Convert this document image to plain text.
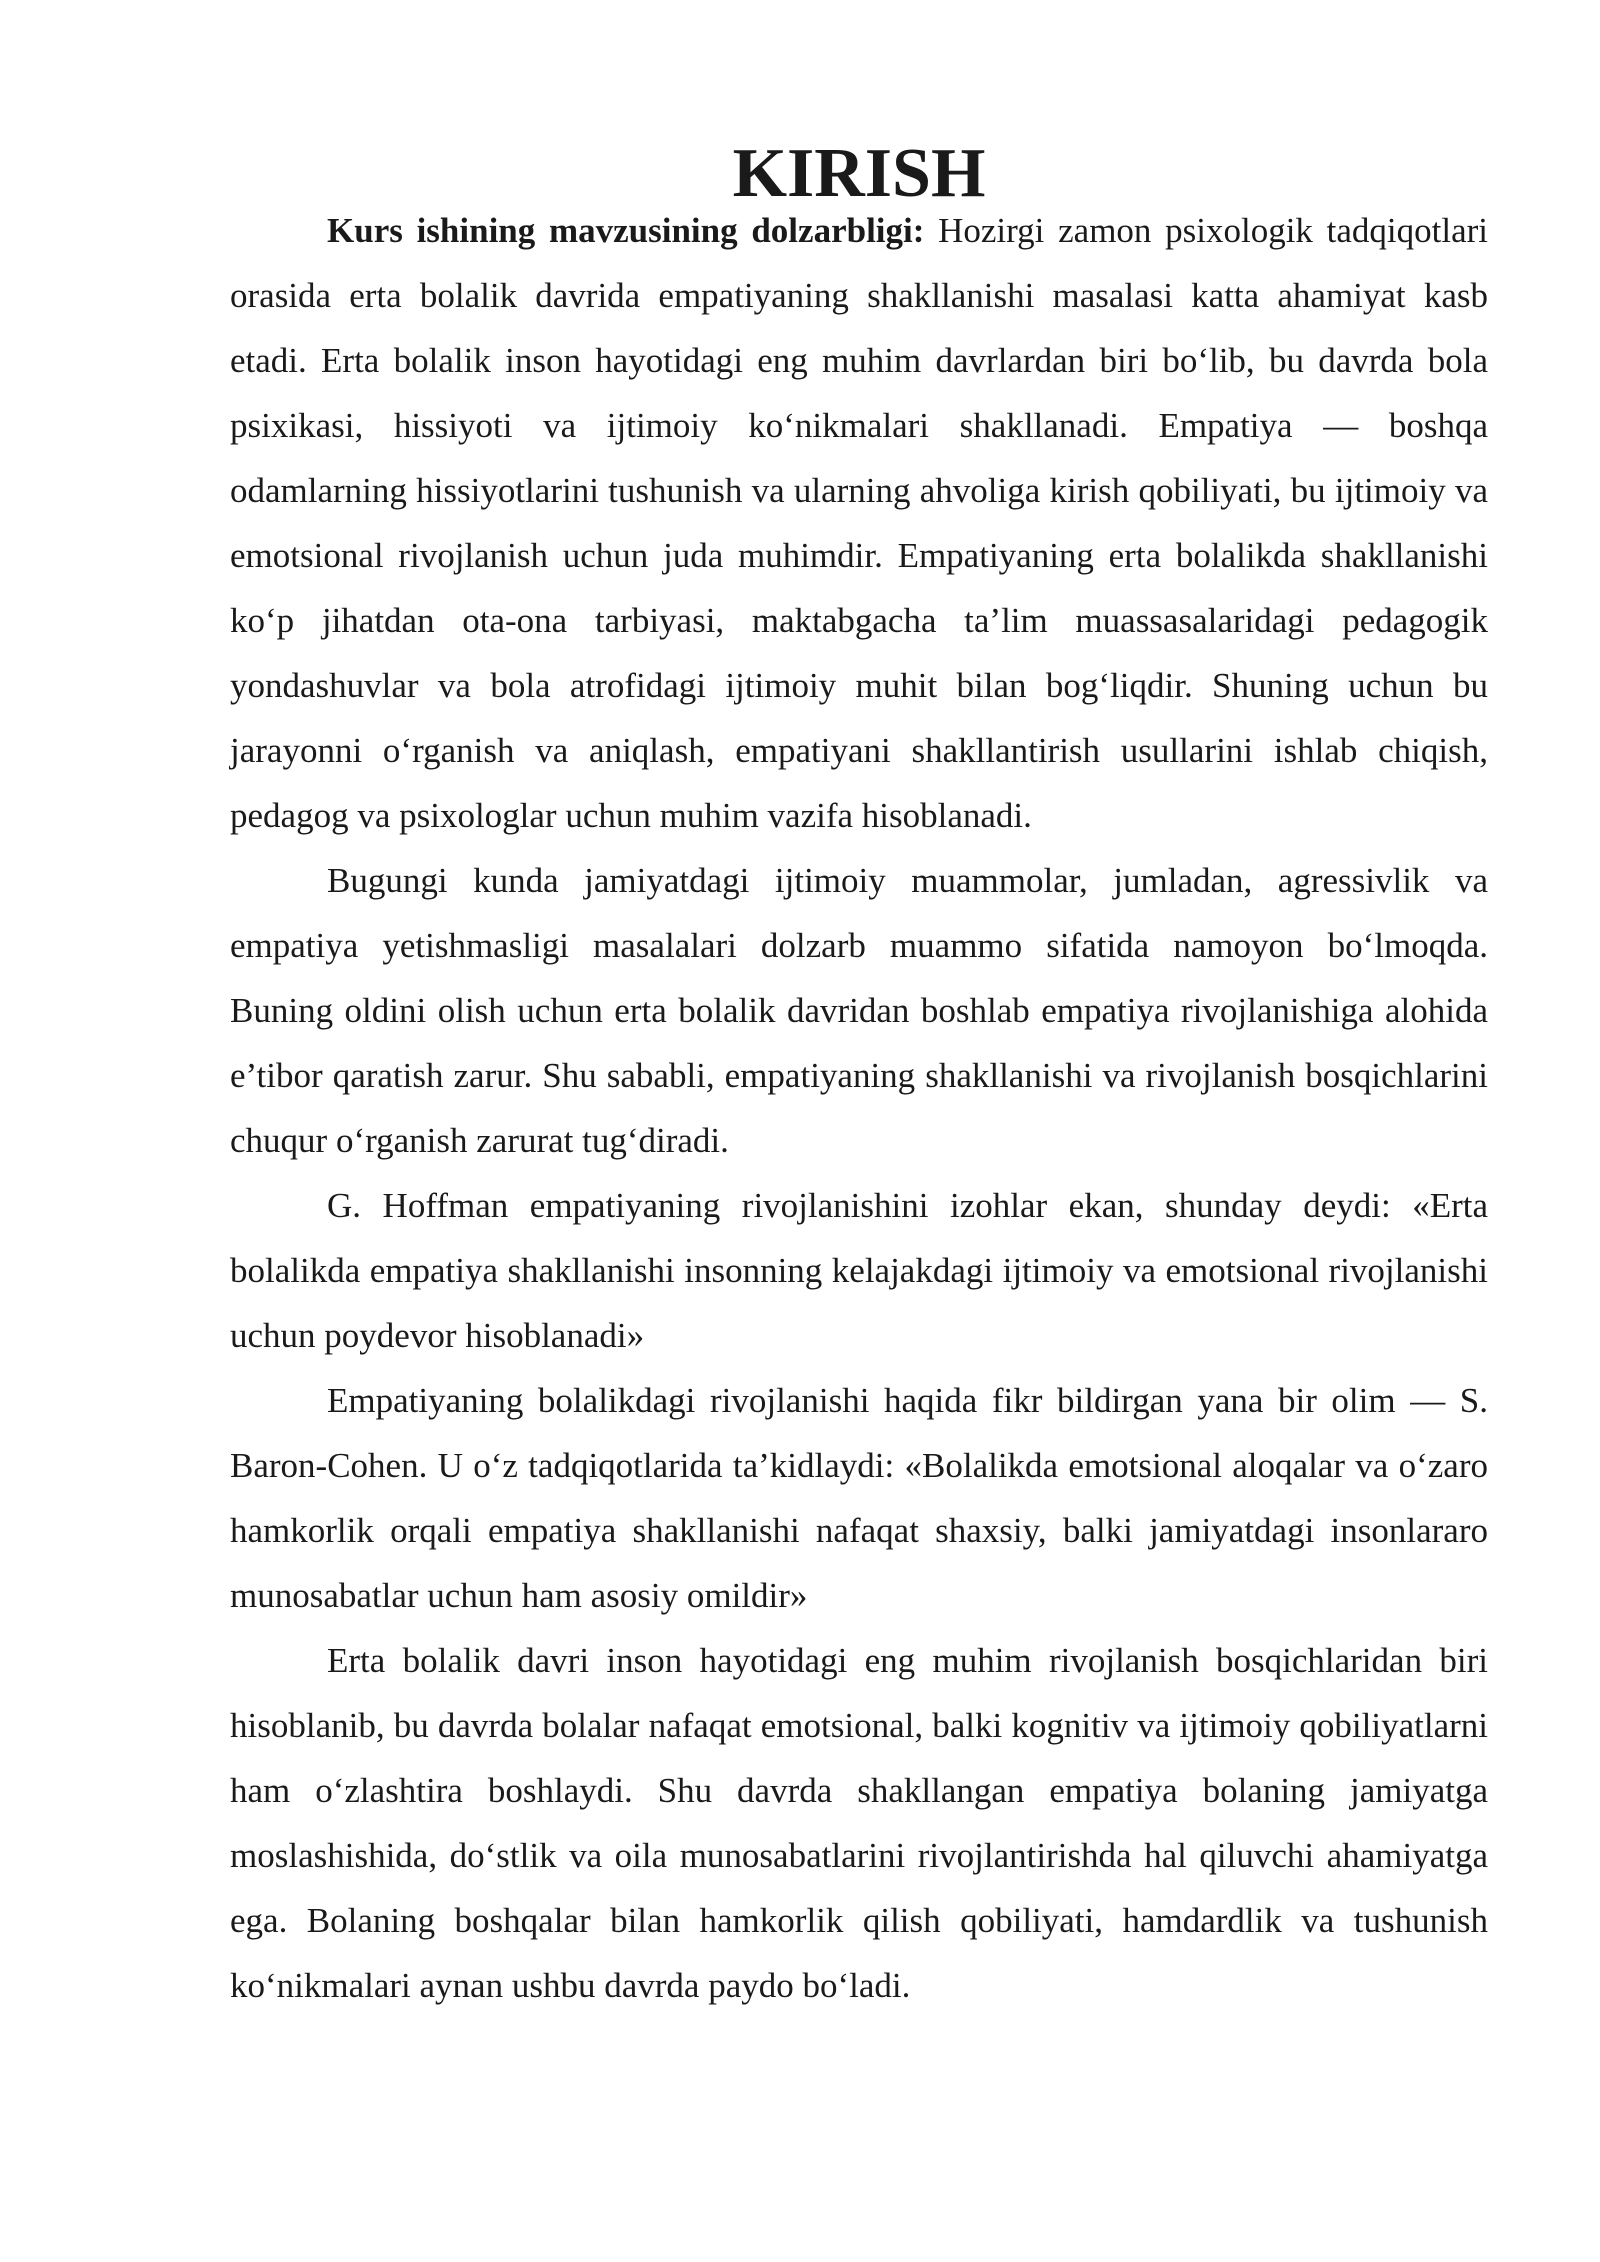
KIRISH

Kurs ishining mavzusining dolzarbligi: Hozirgi zamon psixologik tadqiqotlari orasida erta bolalik davrida empatiyaning shakllanishi masalasi katta ahamiyat kasb etadi. Erta bolalik inson hayotidagi eng muhim davrlardan biri bo‘lib, bu davrda bola psixikasi, hissiyoti va ijtimoiy ko‘nikmalari shakllanadi. Empatiya — boshqa odamlarning hissiyotlarini tushunish va ularning ahvoliga kirish qobiliyati, bu ijtimoiy va emotsional rivojlanish uchun juda muhimdir. Empatiyaning erta bolalikda shakllanishi ko‘p jihatdan ota-ona tarbiyasi, maktabgacha ta’lim muassasalaridagi pedagogik yondashuvlar va bola atrofidagi ijtimoiy muhit bilan bog‘liqdir. Shuning uchun bu jarayonni o‘rganish va aniqlash, empatiyani shakllantirish usullarini ishlab chiqish, pedagog va psixologlar uchun muhim vazifa hisoblanadi.

Bugungi kunda jamiyatdagi ijtimoiy muammolar, jumladan, agressivlik va empatiya yetishmasligi masalalari dolzarb muammo sifatida namoyon bo‘lmoqda. Buning oldini olish uchun erta bolalik davridan boshlab empatiya rivojlanishiga alohida e’tibor qaratish zarur. Shu sababli, empatiyaning shakllanishi va rivojlanish bosqichlarini chuqur o‘rganish zarurat tug‘diradi.

G. Hoffman empatiyaning rivojlanishini izohlar ekan, shunday deydi: «Erta bolalikda empatiya shakllanishi insonning kelajakdagi ijtimoiy va emotsional rivojlanishi uchun poydevor hisoblanadi»

Empatiyaning bolalikdagi rivojlanishi haqida fikr bildirgan yana bir olim — S. Baron-Cohen. U o‘z tadqiqotlarida ta’kidlaydi: «Bolalikda emotsional aloqalar va o‘zaro hamkorlik orqali empatiya shakllanishi nafaqat shaxsiy, balki jamiyatdagi insonlararo munosabatlar uchun ham asosiy omildir»

Erta bolalik davri inson hayotidagi eng muhim rivojlanish bosqichlaridan biri hisoblanib, bu davrda bolalar nafaqat emotsional, balki kognitiv va ijtimoiy qobiliyatlarni ham o‘zlashtira boshlaydi. Shu davrda shakllangan empatiya bolaning jamiyatga moslashishida, do‘stlik va oila munosabatlarini rivojlantirishda hal qiluvchi ahamiyatga ega. Bolaning boshqalar bilan hamkorlik qilish qobiliyati, hamdardlik va tushunish ko‘nikmalari aynan ushbu davrda paydo bo‘ladi.
